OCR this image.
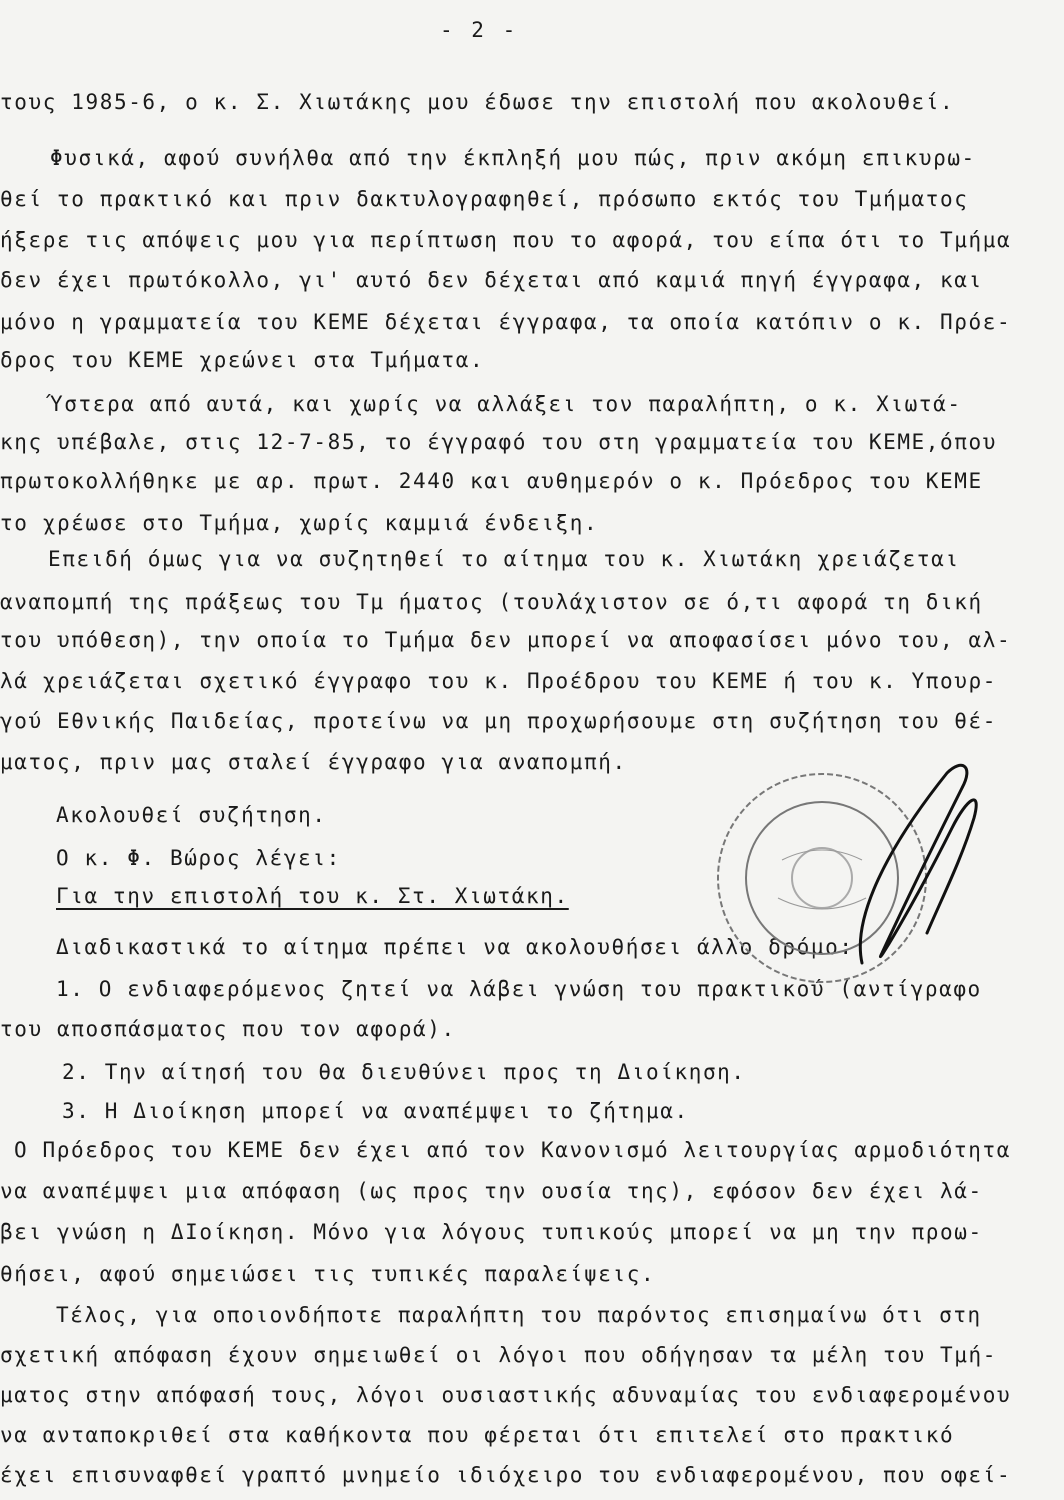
- 2 -

τους 1985-6, ο κ. Σ. Χιωτάκης μου έδωσε την επιστολή που ακολουθεί.
Φυσικά, αφού συνήλθα από την έκπληξή μου πώς, πριν ακόμη επικυρω-
θεί το πρακτικό και πριν δακτυλογραφηθεί, πρόσωπο εκτός του Τμήματος
ήξερε τις απόψεις μου για περίπτωση που το αφορά, του είπα ότι το Τμήμα
δεν έχει πρωτόκολλο, γι' αυτό δεν δέχεται από καμιά πηγή έγγραφα, και
μόνο η γραμματεία του ΚΕΜΕ δέχεται έγγραφα, τα οποία κατόπιν ο κ. Πρόε-
δρος του ΚΕΜΕ χρεώνει στα Τμήματα.
Ύστερα από αυτά, και χωρίς να αλλάξει τον παραλήπτη, ο κ. Χιωτά-
κης υπέβαλε, στις 12-7-85, το έγγραφό του στη γραμματεία του ΚΕΜΕ,όπου
πρωτοκολλήθηκε με αρ. πρωτ. 2440 και αυθημερόν ο κ. Πρόεδρος του ΚΕΜΕ
το χρέωσε στο Τμήμα, χωρίς καμμιά ένδειξη.
Επειδή όμως για να συζητηθεί το αίτημα του κ. Χιωτάκη χρειάζεται
αναπομπή της πράξεως του Τμ ήματος (τουλάχιστον σε ό,τι αφορά τη δική
του υπόθεση), την οποία το Τμήμα δεν μπορεί να αποφασίσει μόνο του, αλ-
λά χρειάζεται σχετικό έγγραφο του κ. Προέδρου του ΚΕΜΕ ή του κ. Υπουρ-
γού Εθνικής Παιδείας, προτείνω να μη προχωρήσουμε στη συζήτηση του θέ-
ματος, πριν μας σταλεί έγγραφο για αναπομπή.
Ακολουθεί συζήτηση.
Ο κ. Φ. Βώρος λέγει:
Για την επιστολή του κ. Στ. Χιωτάκη.
Διαδικαστικά το αίτημα πρέπει να ακολουθήσει άλλο δρόμο:
1. Ο ενδιαφερόμενος ζητεί να λάβει γνώση του πρακτικού (αντίγραφο
του αποσπάσματος που τον αφορά).
2. Την αίτησή του θα διευθύνει προς τη Διοίκηση.
3. Η Διοίκηση μπορεί να αναπέμψει το ζήτημα.
Ο Πρόεδρος του ΚΕΜΕ δεν έχει από τον Κανονισμό λειτουργίας αρμοδιότητα
να αναπέμψει μια απόφαση (ως προς την ουσία της), εφόσον δεν έχει λά-
βει γνώση η ΔΙοίκηση. Μόνο για λόγους τυπικούς μπορεί να μη την προω-
θήσει, αφού σημειώσει τις τυπικές παραλείψεις.
Τέλος, για οποιονδήποτε παραλήπτη του παρόντος επισημαίνω ότι στη
σχετική απόφαση έχουν σημειωθεί οι λόγοι που οδήγησαν τα μέλη του Τμή-
ματος στην απόφασή τους, λόγοι ουσιαστικής αδυναμίας του ενδιαφερομένου
να ανταποκριθεί στα καθήκοντα που φέρεται ότι επιτελεί στο πρακτικό
έχει επισυναφθεί γραπτό μνημείο ιδιόχειρο του ενδιαφερομένου, που οφεί-
